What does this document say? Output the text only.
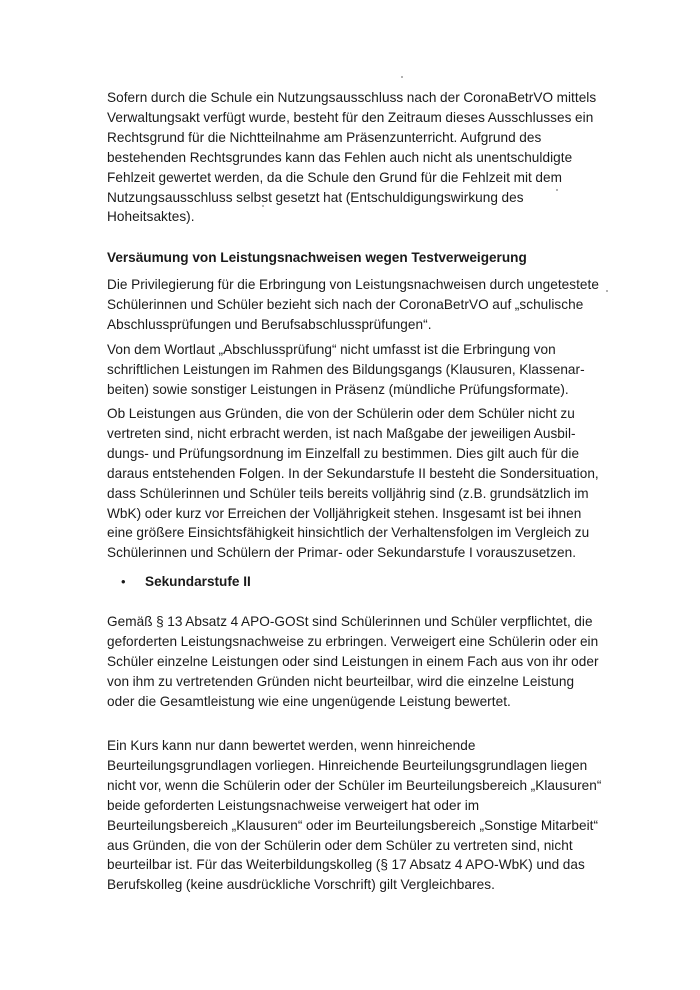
Sofern durch die Schule ein Nutzungsausschluss nach der CoronaBetrVO mittels Verwaltungsakt verfügt wurde, besteht für den Zeitraum dieses Ausschlusses ein Rechtsgrund für die Nichtteilnahme am Präsenzunterricht. Aufgrund des bestehenden Rechtsgrundes kann das Fehlen auch nicht als unentschuldigte Fehlzeit gewertet werden, da die Schule den Grund für die Fehlzeit mit dem Nutzungsausschluss selbst gesetzt hat (Entschuldigungswirkung des Hoheitsaktes).

Versäumung von Leistungsnachweisen wegen Testverweigerung

Die Privilegierung für die Erbringung von Leistungsnachweisen durch ungetestete Schülerinnen und Schüler bezieht sich nach der CoronaBetrVO auf „schulische Abschlussprüfungen und Berufsabschlussprüfungen“.

Von dem Wortlaut „Abschlussprüfung“ nicht umfasst ist die Erbringung von schriftlichen Leistungen im Rahmen des Bildungsgangs (Klausuren, Klassenarbeiten) sowie sonstiger Leistungen in Präsenz (mündliche Prüfungsformate).

Ob Leistungen aus Gründen, die von der Schülerin oder dem Schüler nicht zu vertreten sind, nicht erbracht werden, ist nach Maßgabe der jeweiligen Ausbildungs- und Prüfungsordnung im Einzelfall zu bestimmen. Dies gilt auch für die daraus entstehenden Folgen. In der Sekundarstufe II besteht die Sondersituation, dass Schülerinnen und Schüler teils bereits volljährig sind (z.B. grundsätzlich im WbK) oder kurz vor Erreichen der Volljährigkeit stehen. Insgesamt ist bei ihnen eine größere Einsichtsfähigkeit hinsichtlich der Verhaltensfolgen im Vergleich zu Schülerinnen und Schülern der Primar- oder Sekundarstufe I vorauszusetzen.

•	Sekundarstufe II

Gemäß § 13 Absatz 4 APO-GOSt sind Schülerinnen und Schüler verpflichtet, die geforderten Leistungsnachweise zu erbringen. Verweigert eine Schülerin oder ein Schüler einzelne Leistungen oder sind Leistungen in einem Fach aus von ihr oder von ihm zu vertretenden Gründen nicht beurteilbar, wird die einzelne Leistung oder die Gesamtleistung wie eine ungenügende Leistung bewertet.

Ein Kurs kann nur dann bewertet werden, wenn hinreichende Beurteilungsgrundlagen vorliegen. Hinreichende Beurteilungsgrundlagen liegen nicht vor, wenn die Schülerin oder der Schüler im Beurteilungsbereich „Klausuren“ beide geforderten Leistungsnachweise verweigert hat oder im Beurteilungsbereich „Klausuren“ oder im Beurteilungsbereich „Sonstige Mitarbeit“ aus Gründen, die von der Schülerin oder dem Schüler zu vertreten sind, nicht beurteilbar ist. Für das Weiterbildungskolleg (§ 17 Absatz 4 APO-WbK) und das Berufskolleg (keine ausdrückliche Vorschrift) gilt Vergleichbares.
